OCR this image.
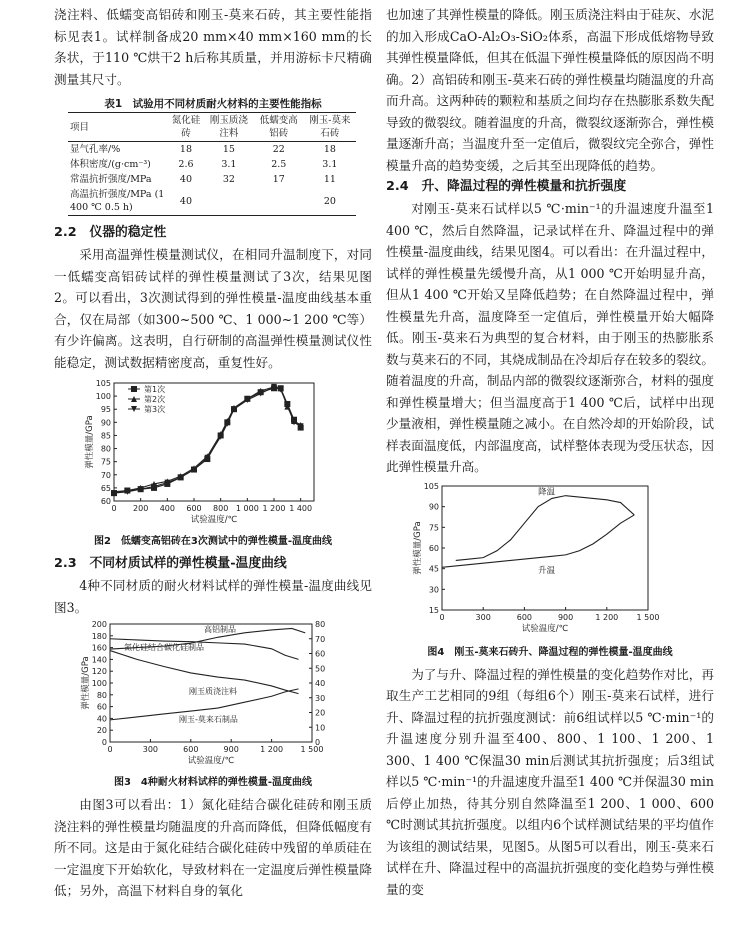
浇注料、低蠕变高铝砖和刚玉-莫来石砖，其主要性能指标见表1。试样制备成20 mm×40 mm×160 mm的长条状，于110 ℃烘干2 h后称其质量，并用游标卡尺精确测量其尺寸。

表1　试验用不同材质耐火材料的主要性能指标
项目	氮化硅砖	刚玉质浇注料	低蠕变高铝砖	刚玉-莫来石砖
显气孔率/%	18	15	22	18
体积密度/(g·cm⁻³)	2.6	3.1	2.5	3.1
常温抗折强度/MPa	40	32	17	11
高温抗折强度/MPa (1 400 ℃ 0.5 h)	40			20
2.2　仪器的稳定性

采用高温弹性模量测试仪，在相同升温制度下，对同一低蠕变高铝砖试样的弹性模量测试了3次，结果见图2。可以看出，3次测试得到的弹性模量-温度曲线基本重合，仅在局部（如300~500 ℃、1 000~1 200 ℃等）有少许偏离。这表明，自行研制的高温弹性模量测试仪性能稳定，测试数据精密度高，重复性好。

0 200 400 600 800 1 000 1 200 1 400
60
65
70
75
80
85
90
95
100
105
试验温度/℃
弹性模量/GPa
第1次
第2次
第3次
图2　低蠕变高铝砖在3次测试中的弹性模量-温度曲线
2.3　不同材质试样的弹性模量-温度曲线

4种不同材质的耐火材料试样的弹性模量-温度曲线见图3。

0	300	600	900	1 200 1 500
0
20
40
60
80
100
120
140
160
180
200
0
10
20
30
40
50
60
70
80
试验温度/℃
弹性模量/GPa
高铝制品
氮化硅结合碳化硅制品
刚玉质浇注料
刚玉-莫来石制品
图3　4种耐火材料试样的弹性模量-温度曲线

由图3可以看出：1）氮化硅结合碳化硅砖和刚玉质浇注料的弹性模量均随温度的升高而降低，但降低幅度有所不同。这是由于氮化硅结合碳化硅砖中残留的单质硅在一定温度下开始软化，导致材料在一定温度后弹性模量降低；另外，高温下材料自身的氧化

也加速了其弹性模量的降低。刚玉质浇注料由于硅灰、水泥的加入形成CaO-Al₂O₃-SiO₂体系，高温下形成低熔物导致其弹性模量降低，但其在低温下弹性模量降低的原因尚不明确。2）高铝砖和刚玉-莫来石砖的弹性模量均随温度的升高而升高。这两种砖的颗粒和基质之间均存在热膨胀系数失配导致的微裂纹。随着温度的升高，微裂纹逐渐弥合，弹性模量逐渐升高；当温度升至一定值后，微裂纹完全弥合，弹性模量升高的趋势变缓，之后其至出现降低的趋势。

2.4　升、降温过程的弹性模量和抗折强度

对刚玉-莫来石试样以5 ℃·min⁻¹的升温速度升温至1 400 ℃，然后自然降温，记录试样在升、降温过程中的弹性模量-温度曲线，结果见图4。可以看出：在升温过程中，试样的弹性模量先缓慢升高，从1 000 ℃开始明显升高，但从1 400 ℃开始又呈降低趋势；在自然降温过程中，弹性模量先升高，温度降至一定值后，弹性模量开始大幅降低。刚玉-莫来石为典型的复合材料，由于刚玉的热膨胀系数与莫来石的不同，其烧成制品在冷却后存在较多的裂纹。随着温度的升高，制品内部的微裂纹逐渐弥合，材料的强度和弹性模量增大；但当温度高于1 400 ℃后，试样中出现少量液相，弹性模量随之减小。在自然冷却的开始阶段，试样表面温度低，内部温度高，试样整体表现为受压状态，因此弹性模量升高。

0	300	600	900	1 200 1 500
15
30
45
60
75
90
105
试验温度/℃
弹性模量/GPa
降温
升温
图4　刚玉-莫来石砖升、降温过程的弹性模量-温度曲线

为了与升、降温过程的弹性模量的变化趋势作对比，再取生产工艺相同的9组（每组6个）刚玉-莫来石试样，进行升、降温过程的抗折强度测试：前6组试样以5 ℃·min⁻¹的升温速度分别升温至400、800、1 100、1 200、1 300、1 400 ℃保温30 min后测试其抗折强度；后3组试样以5 ℃·min⁻¹的升温速度升温至1 400 ℃并保温30 min后停止加热，待其分别自然降温至1 200、1 000、600 ℃时测试其抗折强度。以组内6个试样测试结果的平均值作为该组的测试结果，见图5。从图5可以看出，刚玉-莫来石试样在升、降温过程中的高温抗折强度的变化趋势与弹性模量的变
